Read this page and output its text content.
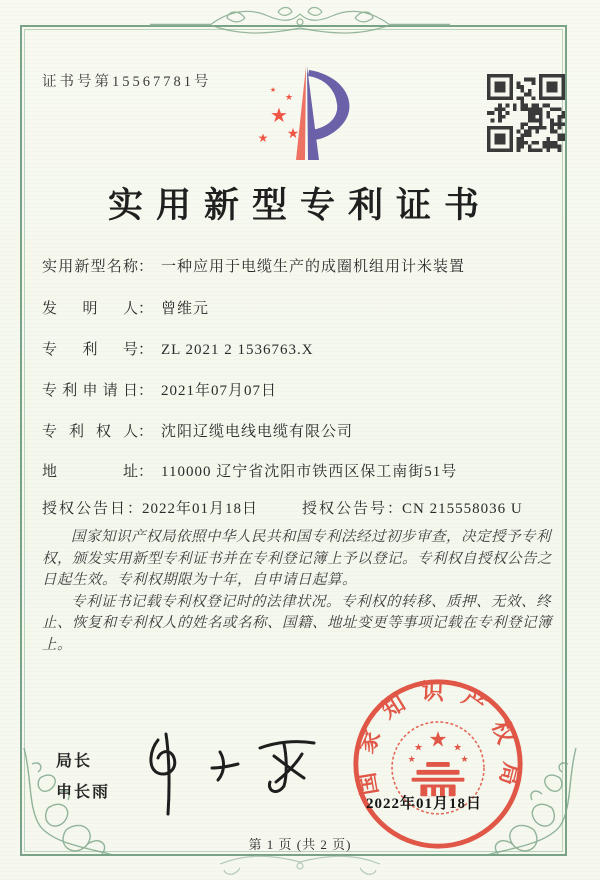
证书号第15567781号
★
★
★
★
★
实用新型专利证书
实用新型名称： 一种应用于电缆生产的成圈机组用计米装置
发明人： 曾维元
专利号： ZL 2021 2 1536763.X
专利申请日： 2021年07月07日
专利权人： 沈阳辽缆电线电缆有限公司
地址： 110000 辽宁省沈阳市铁西区保工南街51号
授权公告日：2022年01月18日	授权公告号：CN 215558036 U

国家知识产权局依照中华人民共和国专利法经过初步审查，决定授予专利权，颁发实用新型专利证书并在专利登记簿上予以登记。专利权自授权公告之日起生效。专利权期限为十年，自申请日起算。

专利证书记载专利权登记时的法律状况。专利权的转移、质押、无效、终止、恢复和专利权人的姓名或名称、国籍、地址变更等事项记载在专利登记簿上。

局长
申长雨	国家知识产权局
★
★	★
★	★
2022年01月18日
第 1 页 (共 2 页)
